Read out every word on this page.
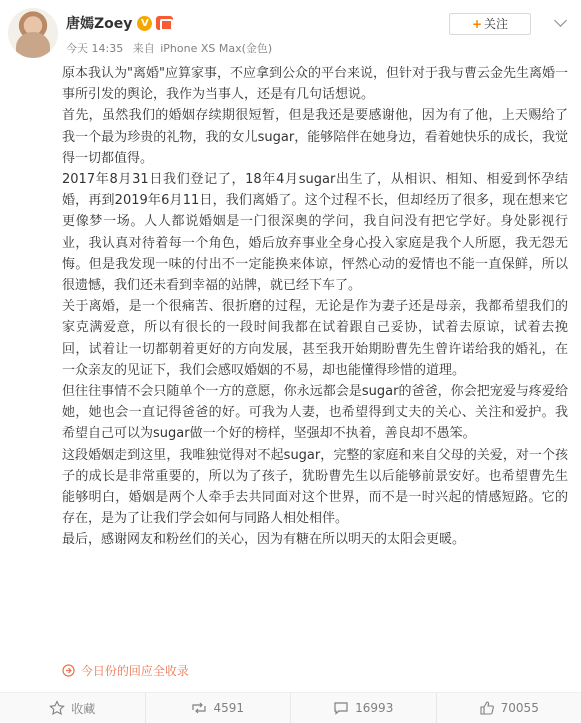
唐嫣Zoey V
今天 14:35 来自 iPhone XS Max(金色)
+ 关注

原本我认为"离婚"应算家事，不应拿到公众的平台来说，但针对于我与曹云金先生离婚一事所引发的舆论，我作为当事人，还是有几句话想说。

首先，虽然我们的婚姻存续期很短暂，但是我还是要感谢他，因为有了他，上天赐给了我一个最为珍贵的礼物，我的女儿sugar，能够陪伴在她身边，看着她快乐的成长，我觉得一切都值得。

2017年8月31日我们登记了，18年4月sugar出生了，从相识、相知、相爱到怀孕结婚，再到2019年6月11日，我们离婚了。这个过程不长，但却经历了很多，现在想来它更像梦一场。人人都说婚姻是一门很深奥的学问，我自问没有把它学好。身处影视行业，我认真对待着每一个角色，婚后放弃事业全身心投入家庭是我个人所愿，我无怨无悔。但是我发现一味的付出不一定能换来体谅，怦然心动的爱情也不能一直保鲜，所以很遗憾，我们还未看到幸福的站牌，就已经下车了。

关于离婚，是一个很痛苦、很折磨的过程，无论是作为妻子还是母亲，我都希望我们的家克满爱意，所以有很长的一段时间我都在试着跟自己妥协，试着去原谅，试着去挽回，试着让一切都朝着更好的方向发展，甚至我开始期盼曹先生曾许诺给我的婚礼，在一众亲友的见证下，我们会感叹婚姻的不易，却也能懂得珍惜的道理。

但往往事情不会只随单个一方的意愿，你永远都会是sugar的爸爸，你会把宠爱与疼爱给她，她也会一直记得爸爸的好。可我为人妻，也希望得到丈夫的关心、关注和爱护。我希望自己可以为sugar做一个好的榜样，坚强却不执着，善良却不愚笨。

这段婚姻走到这里，我唯独觉得对不起sugar，完整的家庭和来自父母的关爱，对一个孩子的成长是非常重要的，所以为了孩子，犹盼曹先生以后能够前景安好。也希望曹先生能够明白，婚姻是两个人牵手去共同面对这个世界，而不是一时兴起的情感短路。它的存在，是为了让我们学会如何与同路人相处相伴。

最后，感谢网友和粉丝们的关心，因为有糖在所以明天的太阳会更暖。

今日份的回应全收录
收藏	4591	16993	70055
